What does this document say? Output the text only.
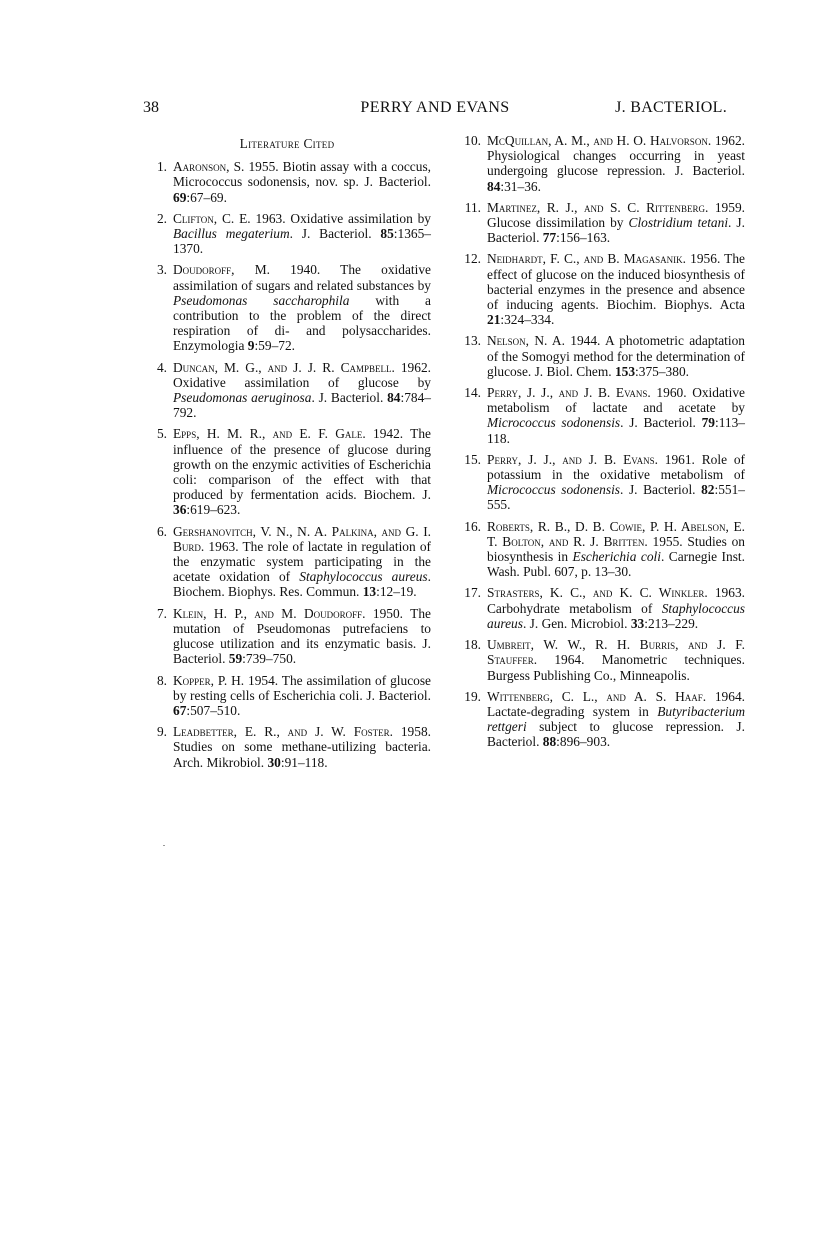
38	PERRY AND EVANS	J. BACTERIOL.
Literature Cited
1. Aaronson, S. 1955. Biotin assay with a coccus, Micrococcus sodonensis, nov. sp. J. Bacteriol. 69:67–69.
2. Clifton, C. E. 1963. Oxidative assimilation by Bacillus megaterium. J. Bacteriol. 85:1365–1370.
3. Doudoroff, M. 1940. The oxidative assimilation of sugars and related substances by Pseudomonas saccharophila with a contribution to the problem of the direct respiration of di- and polysaccharides. Enzymologia 9:59–72.
4. Duncan, M. G., and J. J. R. Campbell. 1962. Oxidative assimilation of glucose by Pseudomonas aeruginosa. J. Bacteriol. 84:784–792.
5. Epps, H. M. R., and E. F. Gale. 1942. The influence of the presence of glucose during growth on the enzymic activities of Escherichia coli: comparison of the effect with that produced by fermentation acids. Biochem. J. 36:619–623.
6. Gershanovitch, V. N., N. A. Palkina, and G. I. Burd. 1963. The role of lactate in regulation of the enzymatic system participating in the acetate oxidation of Staphylococcus aureus. Biochem. Biophys. Res. Commun. 13:12–19.
7. Klein, H. P., and M. Doudoroff. 1950. The mutation of Pseudomonas putrefaciens to glucose utilization and its enzymatic basis. J. Bacteriol. 59:739–750.
8. Kopper, P. H. 1954. The assimilation of glucose by resting cells of Escherichia coli. J. Bacteriol. 67:507–510.
9. Leadbetter, E. R., and J. W. Foster. 1958. Studies on some methane-utilizing bacteria. Arch. Mikrobiol. 30:91–118.
10. McQuillan, A. M., and H. O. Halvorson. 1962. Physiological changes occurring in yeast undergoing glucose repression. J. Bacteriol. 84:31–36.
11. Martinez, R. J., and S. C. Rittenberg. 1959. Glucose dissimilation by Clostridium tetani. J. Bacteriol. 77:156–163.
12. Neidhardt, F. C., and B. Magasanik. 1956. The effect of glucose on the induced biosynthesis of bacterial enzymes in the presence and absence of inducing agents. Biochim. Biophys. Acta 21:324–334.
13. Nelson, N. A. 1944. A photometric adaptation of the Somogyi method for the determination of glucose. J. Biol. Chem. 153:375–380.
14. Perry, J. J., and J. B. Evans. 1960. Oxidative metabolism of lactate and acetate by Micrococcus sodonensis. J. Bacteriol. 79:113–118.
15. Perry, J. J., and J. B. Evans. 1961. Role of potassium in the oxidative metabolism of Micrococcus sodonensis. J. Bacteriol. 82:551–555.
16. Roberts, R. B., D. B. Cowie, P. H. Abelson, E. T. Bolton, and R. J. Britten. 1955. Studies on biosynthesis in Escherichia coli. Carnegie Inst. Wash. Publ. 607, p. 13–30.
17. Strasters, K. C., and K. C. Winkler. 1963. Carbohydrate metabolism of Staphylococcus aureus. J. Gen. Microbiol. 33:213–229.
18. Umbreit, W. W., R. H. Burris, and J. F. Stauffer. 1964. Manometric techniques. Burgess Publishing Co., Minneapolis.
19. Wittenberg, C. L., and A. S. Haaf. 1964. Lactate-degrading system in Butyribacterium rettgeri subject to glucose repression. J. Bacteriol. 88:896–903.
